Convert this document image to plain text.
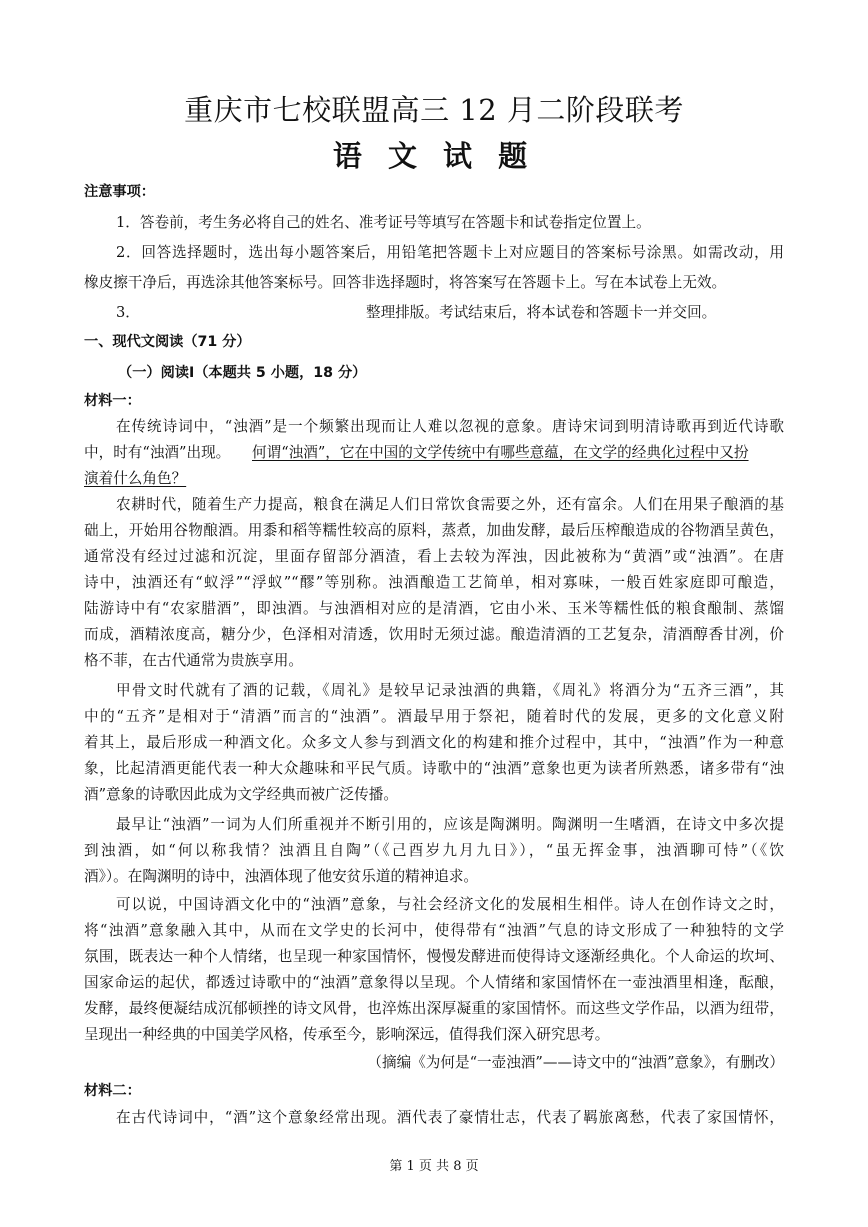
重庆市七校联盟高三 12 月二阶段联考
语 文 试 题
注意事项：
1．答卷前，考生务必将自己的姓名、准考证号等填写在答题卡和试卷指定位置上。
2．回答选择题时，选出每小题答案后，用铅笔把答题卡上对应题目的答案标号涂黑。如需改动，用
橡皮擦干净后，再选涂其他答案标号。回答非选择题时，将答案写在答题卡上。写在本试卷上无效。
3．	整理排版。考试结束后，将本试卷和答题卡一并交回。
一、现代文阅读（71 分）
（一）阅读Ⅰ（本题共 5 小题，18 分）
材料一：
在传统诗词中，“浊酒”是一个频繁出现而让人难以忽视的意象。唐诗宋词到明清诗歌再到近代诗歌
中，时有“浊酒”出现。 何谓“浊酒”，它在中国的文学传统中有哪些意蕴，在文学的经典化过程中又扮
演着什么角色？
农耕时代，随着生产力提高，粮食在满足人们日常饮食需要之外，还有富余。人们在用果子酿酒的基
础上，开始用谷物酿酒。用黍和稻等糯性较高的原料，蒸煮，加曲发酵，最后压榨酿造成的谷物酒呈黄色，
通常没有经过过滤和沉淀，里面存留部分酒渣，看上去较为浑浊，因此被称为“黄酒”或“浊酒”。在唐
诗中，浊酒还有“蚁浮”“浮蚁”“醪”等别称。浊酒酿造工艺简单，相对寡味，一般百姓家庭即可酿造，
陆游诗中有“农家腊酒”，即浊酒。与浊酒相对应的是清酒，它由小米、玉米等糯性低的粮食酿制、蒸馏
而成，酒精浓度高，糖分少，色泽相对清透，饮用时无须过滤。酿造清酒的工艺复杂，清酒醇香甘冽，价
格不菲，在古代通常为贵族享用。
甲骨文时代就有了酒的记载，《周礼》是较早记录浊酒的典籍，《周礼》将酒分为“五齐三酒”，其
中的“五齐”是相对于“清酒”而言的“浊酒”。酒最早用于祭祀，随着时代的发展，更多的文化意义附
着其上，最后形成一种酒文化。众多文人参与到酒文化的构建和推介过程中，其中，“浊酒”作为一种意
象，比起清酒更能代表一种大众趣味和平民气质。诗歌中的“浊酒”意象也更为读者所熟悉，诸多带有“浊
酒”意象的诗歌因此成为文学经典而被广泛传播。
最早让“浊酒”一词为人们所重视并不断引用的，应该是陶渊明。陶渊明一生嗜酒，在诗文中多次提
到浊酒，如“何以称我情？浊酒且自陶”（《己酉岁九月九日》），“虽无挥金事，浊酒聊可恃”（《饮
酒》）。在陶渊明的诗中，浊酒体现了他安贫乐道的精神追求。
可以说，中国诗酒文化中的“浊酒”意象，与社会经济文化的发展相生相伴。诗人在创作诗文之时，
将“浊酒”意象融入其中，从而在文学史的长河中，使得带有“浊酒”气息的诗文形成了一种独特的文学
氛围，既表达一种个人情绪，也呈现一种家国情怀，慢慢发酵进而使得诗文逐渐经典化。个人命运的坎坷、
国家命运的起伏，都透过诗歌中的“浊酒”意象得以呈现。个人情绪和家国情怀在一壶浊酒里相逢，酝酿，
发酵，最终便凝结成沉郁顿挫的诗文风骨，也淬炼出深厚凝重的家国情怀。而这些文学作品，以酒为纽带，
呈现出一种经典的中国美学风格，传承至今，影响深远，值得我们深入研究思考。
（摘编《为何是“一壶浊酒”——诗文中的“浊酒”意象》，有删改）
材料二：
在古代诗词中，“酒”这个意象经常出现。酒代表了豪情壮志，代表了羁旅离愁，代表了家国情怀，
第 1 页 共 8 页
